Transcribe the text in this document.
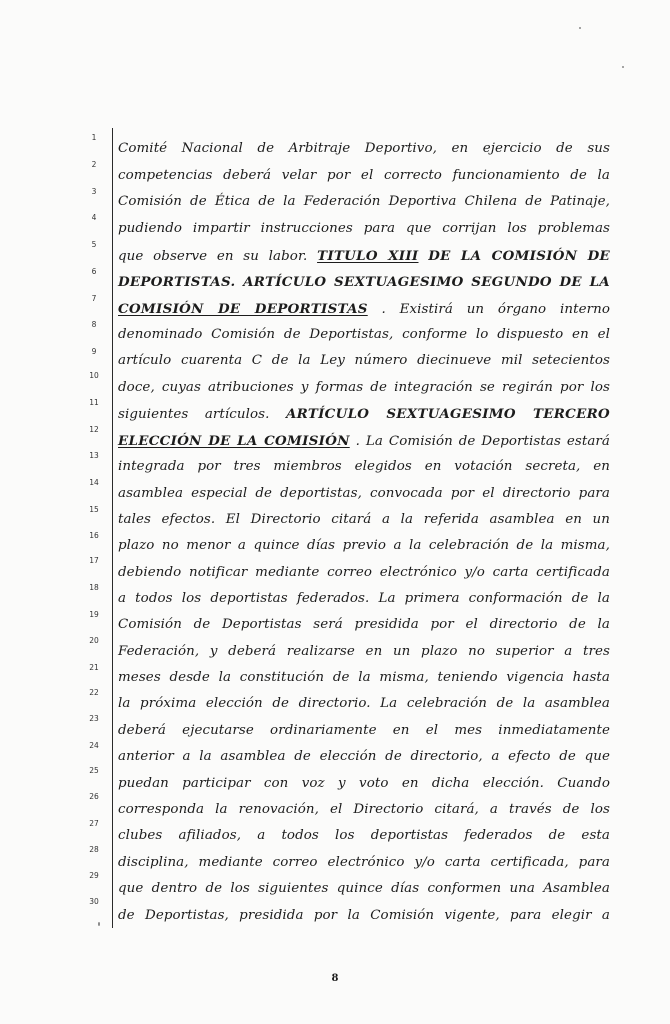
1
2
3
4
5
6
7
8
9
10
11
12
13
14
15
16
17
18
19
20
21
22
23
24
25
26
27
28
29
30
Comité Nacional de Arbitraje Deportivo, en ejercicio de sus
competencias deberá velar por el correcto funcionamiento de la
Comisión de Ética de la Federación Deportiva Chilena de Patinaje,
pudiendo impartir instrucciones para que corrijan los problemas
que observe en su labor. TITULO XIII DE LA COMISIÓN DE
DEPORTISTAS. ARTÍCULO SEXTUAGESIMO SEGUNDO DE LA
COMISIÓN DE DEPORTISTAS . Existirá un órgano interno
denominado Comisión de Deportistas, conforme lo dispuesto en el
artículo cuarenta C de la Ley número diecinueve mil setecientos
doce, cuyas atribuciones y formas de integración se regirán por los
siguientes artículos. ARTÍCULO SEXTUAGESIMO TERCERO
ELECCIÓN DE LA COMISIÓN . La Comisión de Deportistas estará
integrada por tres miembros elegidos en votación secreta, en
asamblea especial de deportistas, convocada por el directorio para
tales efectos. El Directorio citará a la referida asamblea en un
plazo no menor a quince días previo a la celebración de la misma,
debiendo notificar mediante correo electrónico y/o carta certificada
a todos los deportistas federados. La primera conformación de la
Comisión de Deportistas será presidida por el directorio de la
Federación, y deberá realizarse en un plazo no superior a tres
meses desde la constitución de la misma, teniendo vigencia hasta
la próxima elección de directorio. La celebración de la asamblea
deberá ejecutarse ordinariamente en el mes inmediatamente
anterior a la asamblea de elección de directorio, a efecto de que
puedan participar con voz y voto en dicha elección. Cuando
corresponda la renovación, el Directorio citará, a través de los
clubes afiliados, a todos los deportistas federados de esta
disciplina, mediante correo electrónico y/o carta certificada, para
que dentro de los siguientes quince días conformen una Asamblea
de Deportistas, presidida por la Comisión vigente, para elegir a
8
